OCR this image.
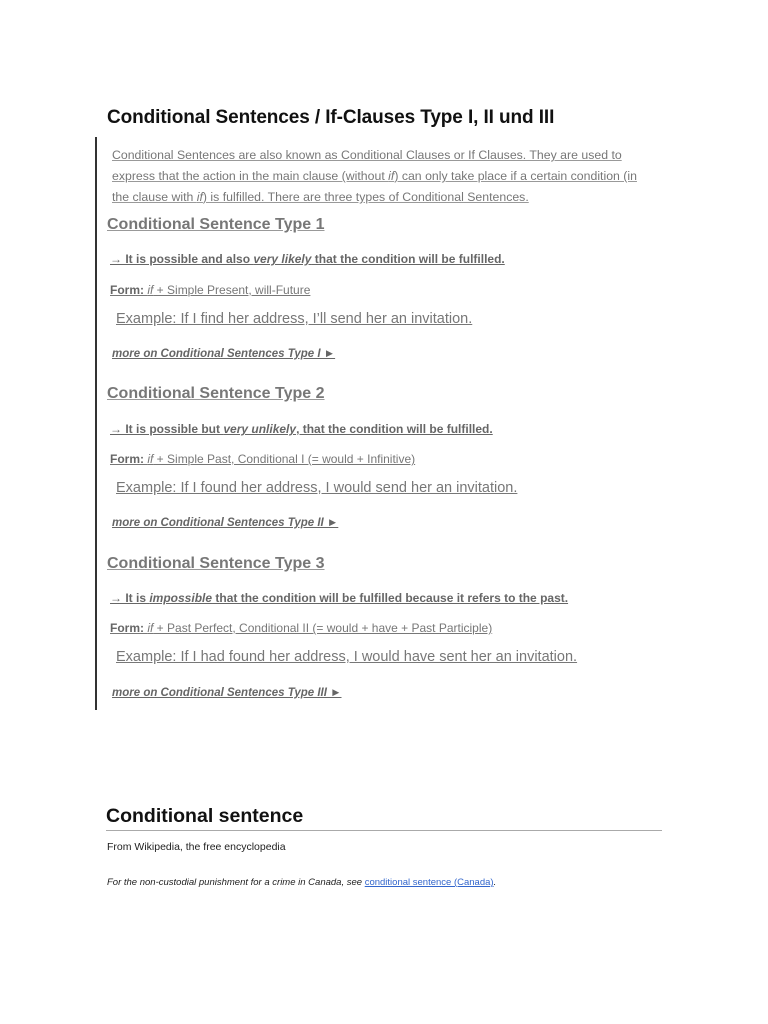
Conditional Sentences / If-Clauses Type I, II und III
Conditional Sentences are also known as Conditional Clauses or If Clauses. They are used to express that the action in the main clause (without if) can only take place if a certain condition (in the clause with if) is fulfilled. There are three types of Conditional Sentences.
Conditional Sentence Type 1
→ It is possible and also very likely that the condition will be fulfilled.
Form: if + Simple Present, will-Future
Example: If I find her address, I’ll send her an invitation.
more on Conditional Sentences Type I ►
Conditional Sentence Type 2
→ It is possible but very unlikely, that the condition will be fulfilled.
Form: if + Simple Past, Conditional I (= would + Infinitive)
Example: If I found her address, I would send her an invitation.
more on Conditional Sentences Type II ►
Conditional Sentence Type 3
→ It is impossible that the condition will be fulfilled because it refers to the past.
Form: if + Past Perfect, Conditional II (= would + have + Past Participle)
Example: If I had found her address, I would have sent her an invitation.
more on Conditional Sentences Type III ►
Conditional sentence
From Wikipedia, the free encyclopedia
For the non-custodial punishment for a crime in Canada, see conditional sentence (Canada).
